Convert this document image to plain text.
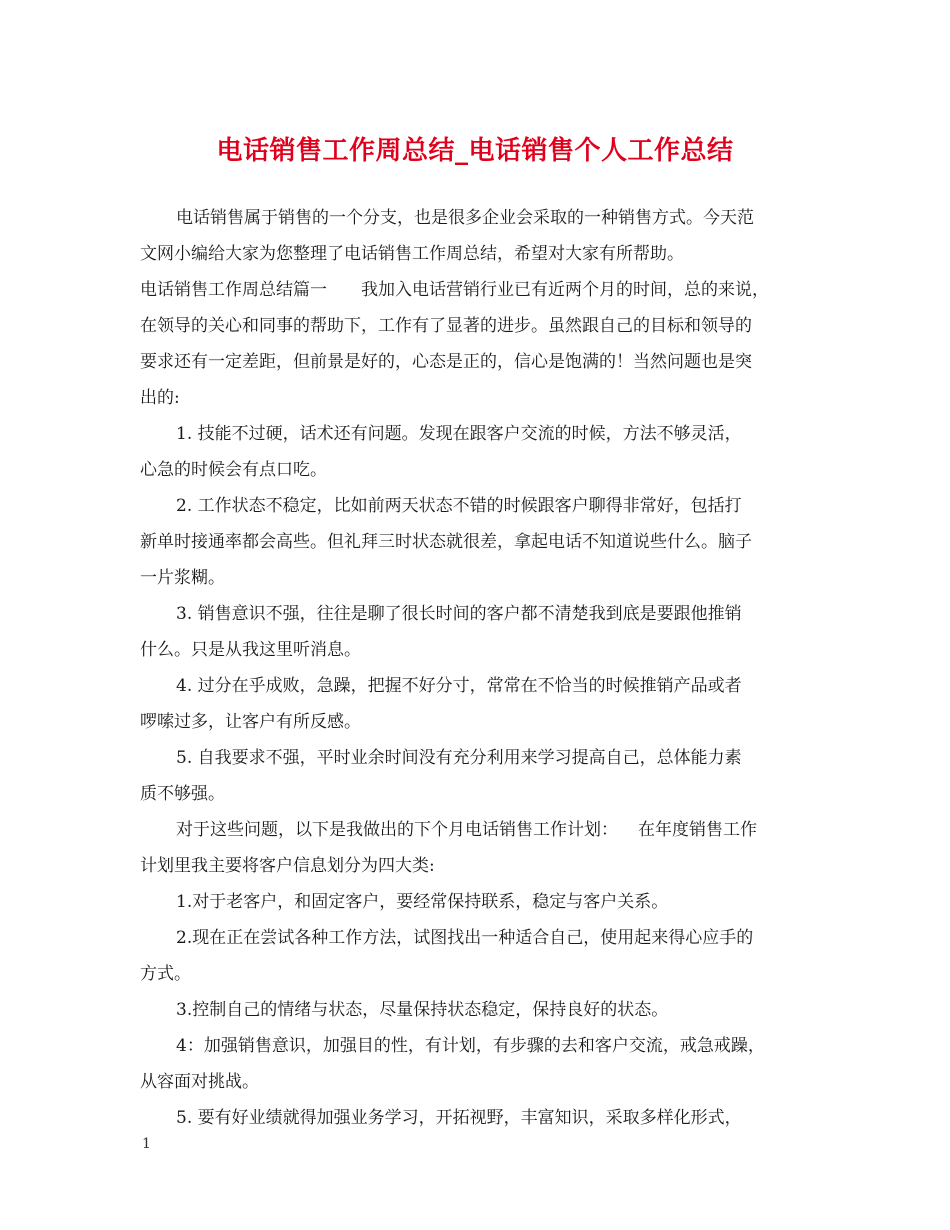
电话销售工作周总结_电话销售个人工作总结
电话销售属于销售的一个分支，也是很多企业会采取的一种销售方式。今天范
文网小编给大家为您整理了电话销售工作周总结，希望对大家有所帮助。
电话销售工作周总结篇一 我加入电话营销行业已有近两个月的时间，总的来说，
在领导的关心和同事的帮助下，工作有了显著的进步。虽然跟自己的目标和领导的
要求还有一定差距，但前景是好的，心态是正的，信心是饱满的！当然问题也是突
出的:
1. 技能不过硬，话术还有问题。发现在跟客户交流的时候，方法不够灵活，
心急的时候会有点口吃。
2. 工作状态不稳定，比如前两天状态不错的时候跟客户聊得非常好，包括打
新单时接通率都会高些。但礼拜三时状态就很差，拿起电话不知道说些什么。脑子
一片浆糊。
3. 销售意识不强，往往是聊了很长时间的客户都不清楚我到底是要跟他推销
什么。只是从我这里听消息。
4. 过分在乎成败，急躁，把握不好分寸，常常在不恰当的时候推销产品或者
啰嗦过多，让客户有所反感。
5. 自我要求不强，平时业余时间没有充分利用来学习提高自己，总体能力素
质不够强。
对于这些问题，以下是我做出的下个月电话销售工作计划： 在年度销售工作
计划里我主要将客户信息划分为四大类:
1.对于老客户，和固定客户，要经常保持联系，稳定与客户关系。
2.现在正在尝试各种工作方法，试图找出一种适合自己，使用起来得心应手的
方式。
3.控制自己的情绪与状态，尽量保持状态稳定，保持良好的状态。
4：加强销售意识，加强目的性，有计划，有步骤的去和客户交流，戒急戒躁，
从容面对挑战。
5. 要有好业绩就得加强业务学习，开拓视野，丰富知识，采取多样化形式，
1
